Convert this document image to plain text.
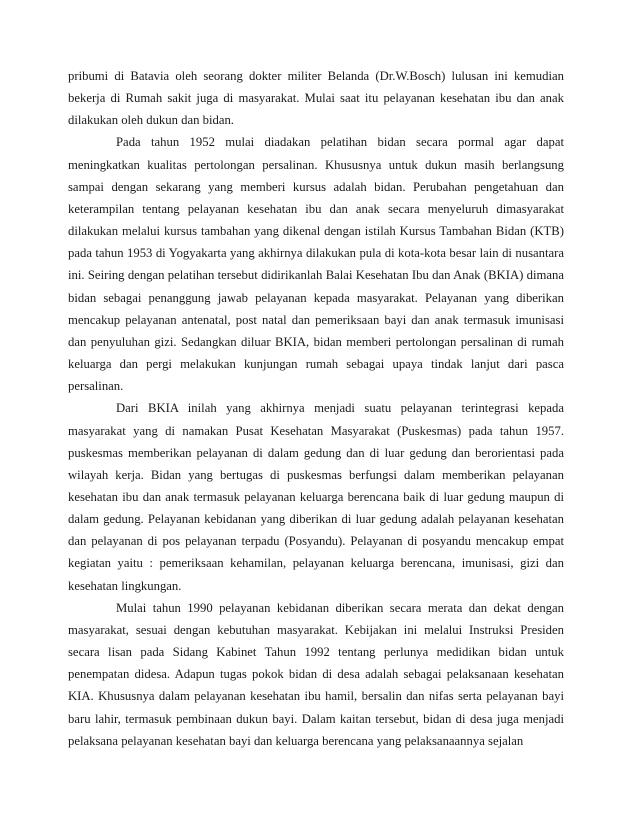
pribumi di Batavia oleh seorang dokter militer Belanda (Dr.W.Bosch) lulusan ini kemudian bekerja di Rumah sakit juga di masyarakat. Mulai saat itu pelayanan kesehatan ibu dan anak dilakukan oleh dukun dan bidan.

Pada tahun 1952 mulai diadakan pelatihan bidan secara pormal agar dapat meningkatkan kualitas pertolongan persalinan. Khususnya untuk dukun masih berlangsung sampai dengan sekarang yang memberi kursus adalah bidan. Perubahan pengetahuan dan keterampilan tentang pelayanan kesehatan ibu dan anak secara menyeluruh dimasyarakat dilakukan melalui kursus tambahan yang dikenal dengan istilah Kursus Tambahan Bidan (KTB) pada tahun 1953 di Yogyakarta yang akhirnya dilakukan pula di kota-kota besar lain di nusantara ini. Seiring dengan pelatihan tersebut didirikanlah Balai Kesehatan Ibu dan Anak (BKIA) dimana bidan sebagai penanggung jawab pelayanan kepada masyarakat. Pelayanan yang diberikan mencakup pelayanan antenatal, post natal dan pemeriksaan bayi dan anak termasuk imunisasi dan penyuluhan gizi. Sedangkan diluar BKIA, bidan memberi pertolongan persalinan di rumah keluarga dan pergi melakukan kunjungan rumah sebagai upaya tindak lanjut dari pasca persalinan.

Dari BKIA inilah yang akhirnya menjadi suatu pelayanan terintegrasi kepada masyarakat yang di namakan Pusat Kesehatan Masyarakat (Puskesmas) pada tahun 1957. puskesmas memberikan pelayanan di dalam gedung dan di luar gedung dan berorientasi pada wilayah kerja. Bidan yang bertugas di puskesmas berfungsi dalam memberikan pelayanan kesehatan ibu dan anak termasuk pelayanan keluarga berencana baik di luar gedung maupun di dalam gedung. Pelayanan kebidanan yang diberikan di luar gedung adalah pelayanan kesehatan dan pelayanan di pos pelayanan terpadu (Posyandu). Pelayanan di posyandu mencakup empat kegiatan yaitu : pemeriksaan kehamilan, pelayanan keluarga berencana, imunisasi, gizi dan kesehatan lingkungan.

Mulai tahun 1990 pelayanan kebidanan diberikan secara merata dan dekat dengan masyarakat, sesuai dengan kebutuhan masyarakat. Kebijakan ini melalui Instruksi Presiden secara lisan pada Sidang Kabinet Tahun 1992 tentang perlunya medidikan bidan untuk penempatan didesa. Adapun tugas pokok bidan di desa adalah sebagai pelaksanaan kesehatan KIA. Khususnya dalam pelayanan kesehatan ibu hamil, bersalin dan nifas serta pelayanan bayi baru lahir, termasuk pembinaan dukun bayi. Dalam kaitan tersebut, bidan di desa juga menjadi pelaksana pelayanan kesehatan bayi dan keluarga berencana yang pelaksanaannya sejalan
